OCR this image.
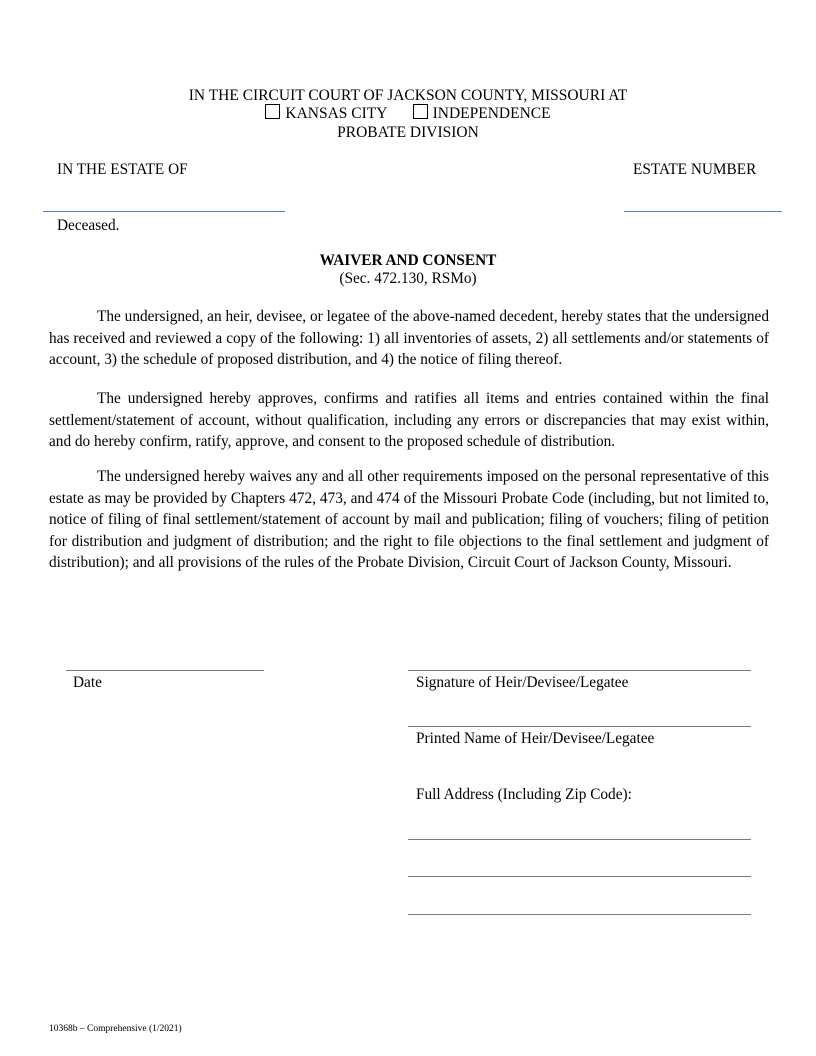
IN THE CIRCUIT COURT OF JACKSON COUNTY, MISSOURI AT
KANSAS CITY	INDEPENDENCE
PROBATE DIVISION
IN THE ESTATE OF	ESTATE NUMBER
Deceased.
WAIVER AND CONSENT
(Sec. 472.130, RSMo)

The undersigned, an heir, devisee, or legatee of the above-named decedent, hereby states that the undersigned has received and reviewed a copy of the following: 1) all inventories of assets, 2) all settlements and/or statements of account, 3) the schedule of proposed distribution, and 4) the notice of filing thereof.

The undersigned hereby approves, confirms and ratifies all items and entries contained within the final settlement/statement of account, without qualification, including any errors or discrepancies that may exist within, and do hereby confirm, ratify, approve, and consent to the proposed schedule of distribution.

The undersigned hereby waives any and all other requirements imposed on the personal representative of this estate as may be provided by Chapters 472, 473, and 474 of the Missouri Probate Code (including, but not limited to, notice of filing of final settlement/statement of account by mail and publication; filing of vouchers; filing of petition for distribution and judgment of distribution; and the right to file objections to the final settlement and judgment of distribution); and all provisions of the rules of the Probate Division, Circuit Court of Jackson County, Missouri.

Date	Signature of Heir/Devisee/Legatee
Printed Name of Heir/Devisee/Legatee
Full Address (Including Zip Code):
10368b – Comprehensive (1/2021)
